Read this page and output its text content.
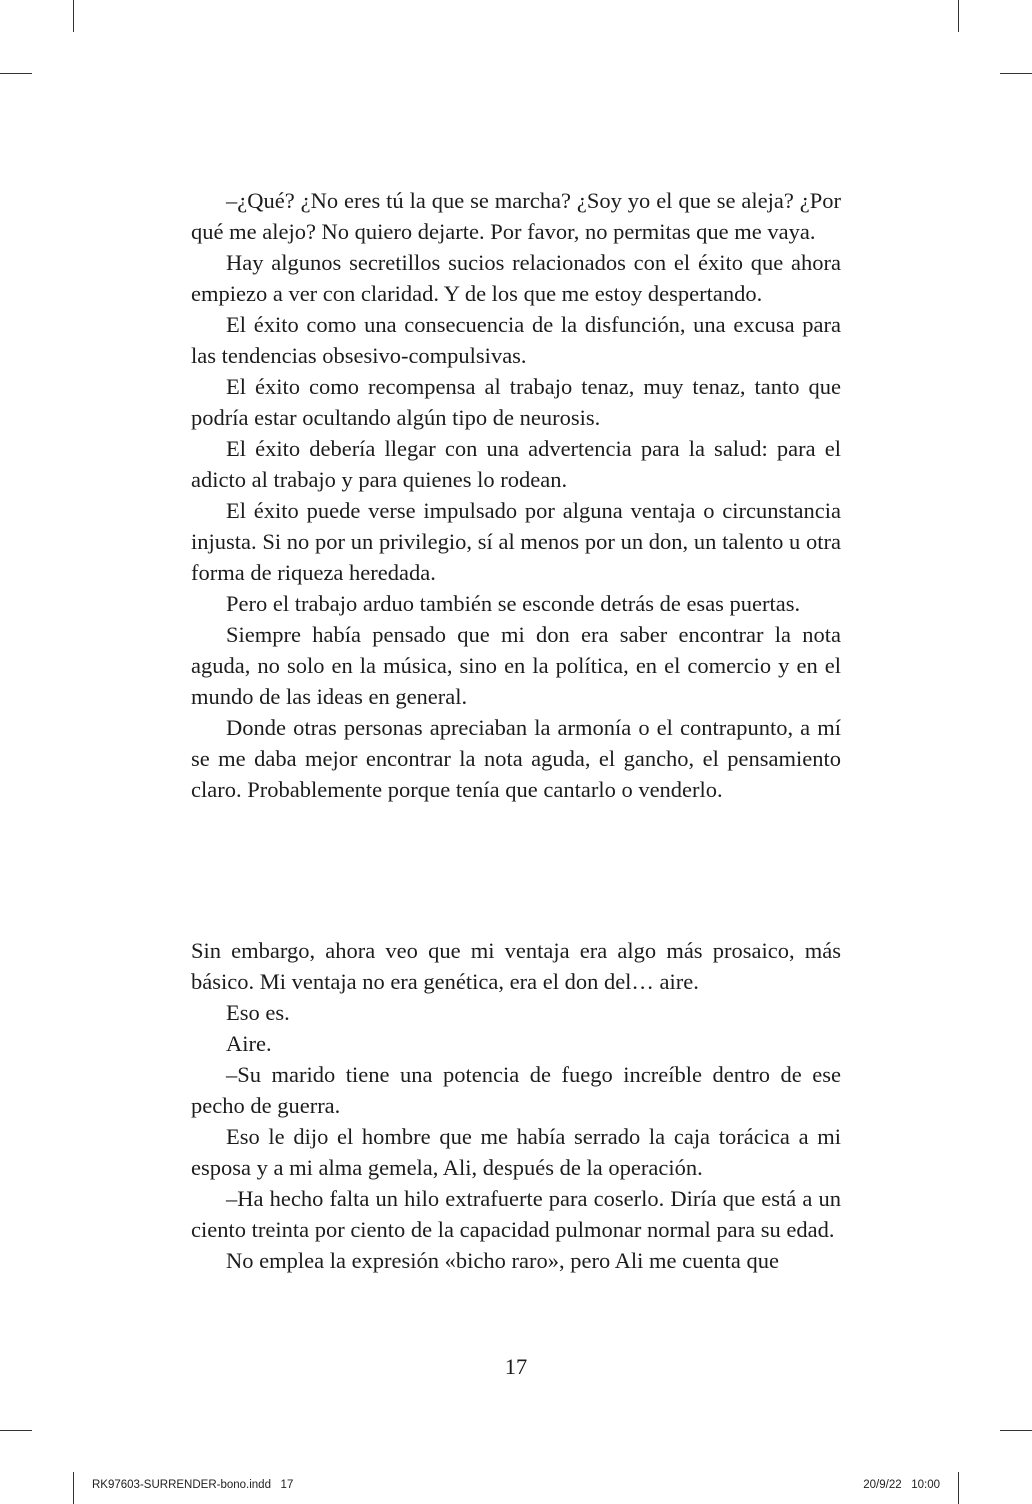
–¿Qué? ¿No eres tú la que se marcha? ¿Soy yo el que se aleja? ¿Por qué me alejo? No quiero dejarte. Por favor, no permitas que me vaya.

Hay algunos secretillos sucios relacionados con el éxito que ahora empiezo a ver con claridad. Y de los que me estoy despertando.

El éxito como una consecuencia de la disfunción, una excusa para las tendencias obsesivo-compulsivas.

El éxito como recompensa al trabajo tenaz, muy tenaz, tanto que podría estar ocultando algún tipo de neurosis.

El éxito debería llegar con una advertencia para la salud: para el adicto al trabajo y para quienes lo rodean.

El éxito puede verse impulsado por alguna ventaja o circunstancia injusta. Si no por un privilegio, sí al menos por un don, un talento u otra forma de riqueza heredada.

Pero el trabajo arduo también se esconde detrás de esas puertas.

Siempre había pensado que mi don era saber encontrar la nota aguda, no solo en la música, sino en la política, en el comercio y en el mundo de las ideas en general.

Donde otras personas apreciaban la armonía o el contrapunto, a mí se me daba mejor encontrar la nota aguda, el gancho, el pensamiento claro. Probablemente porque tenía que cantarlo o venderlo.

Sin embargo, ahora veo que mi ventaja era algo más prosaico, más básico. Mi ventaja no era genética, era el don del… aire.

Eso es.

Aire.

–Su marido tiene una potencia de fuego increíble dentro de ese pecho de guerra.

Eso le dijo el hombre que me había serrado la caja torácica a mi esposa y a mi alma gemela, Ali, después de la operación.

–Ha hecho falta un hilo extrafuerte para coserlo. Diría que está a un ciento treinta por ciento de la capacidad pulmonar normal para su edad.

No emplea la expresión «bicho raro», pero Ali me cuenta que

17
RK97603-SURRENDER-bono.indd   17	20/9/22   10:00
